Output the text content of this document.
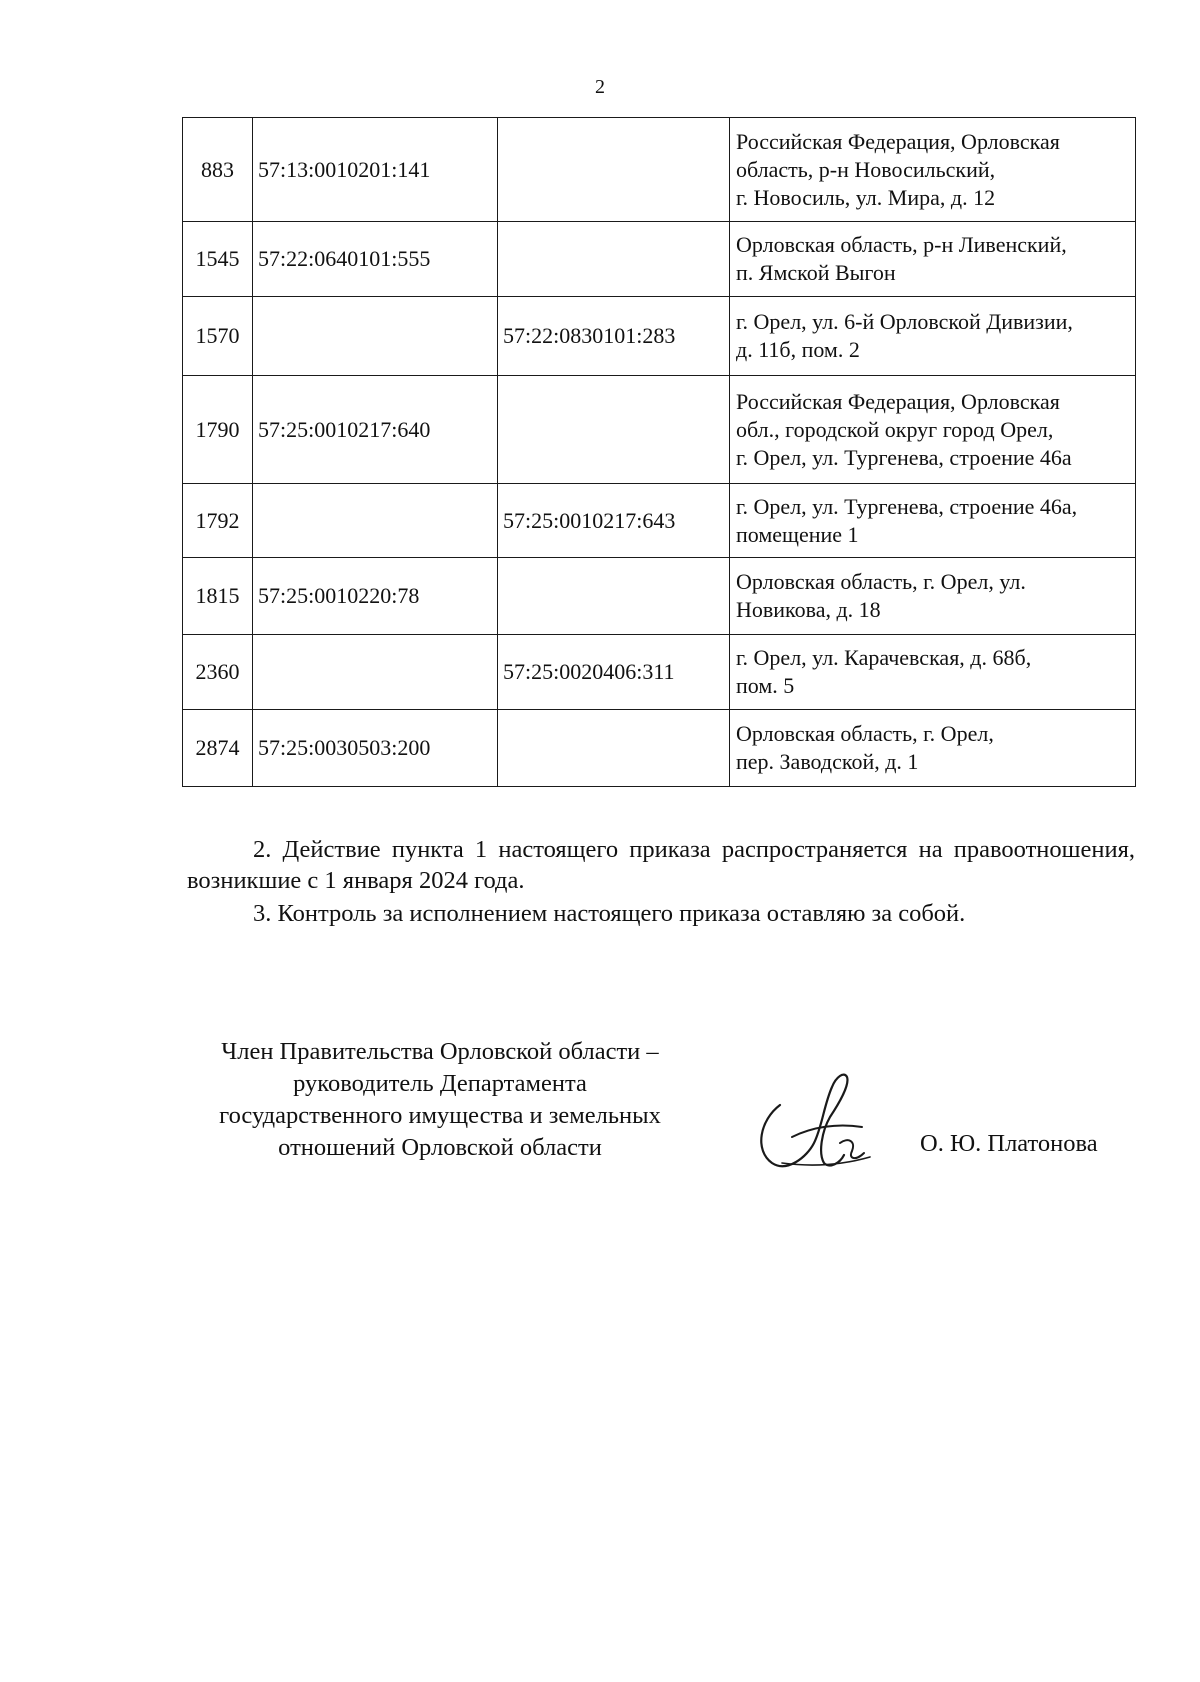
2
883	57:13:0010201:141		Российская Федерация, Орловская
область, р-н Новосильский,
г. Новосиль, ул. Мира, д. 12

1545	57:22:0640101:555		Орловская область, р-н Ливенский,
п. Ямской Выгон

1570		57:22:0830101:283	г. Орел, ул. 6-й Орловской Дивизии,
д. 11б, пом. 2

1790	57:25:0010217:640		Российская Федерация, Орловская
обл., городской округ город Орел,
г. Орел, ул. Тургенева, строение 46а

1792		57:25:0010217:643	г. Орел, ул. Тургенева, строение 46а,
помещение 1

1815	57:25:0010220:78		Орловская область, г. Орел, ул.
Новикова, д. 18

2360		57:25:0020406:311	г. Орел, ул. Карачевская, д. 68б,
пом. 5

2874	57:25:0030503:200		Орловская область, г. Орел,
пер. Заводской, д. 1
2. Действие пункта 1 настоящего приказа распространяется на правоотношения, возникшие с 1 января 2024 года.
3. Контроль за исполнением настоящего приказа оставляю за собой.
Член Правительства Орловской области –
руководитель Департамента
государственного имущества и земельных
отношений Орловской области	О. Ю. Платонова
